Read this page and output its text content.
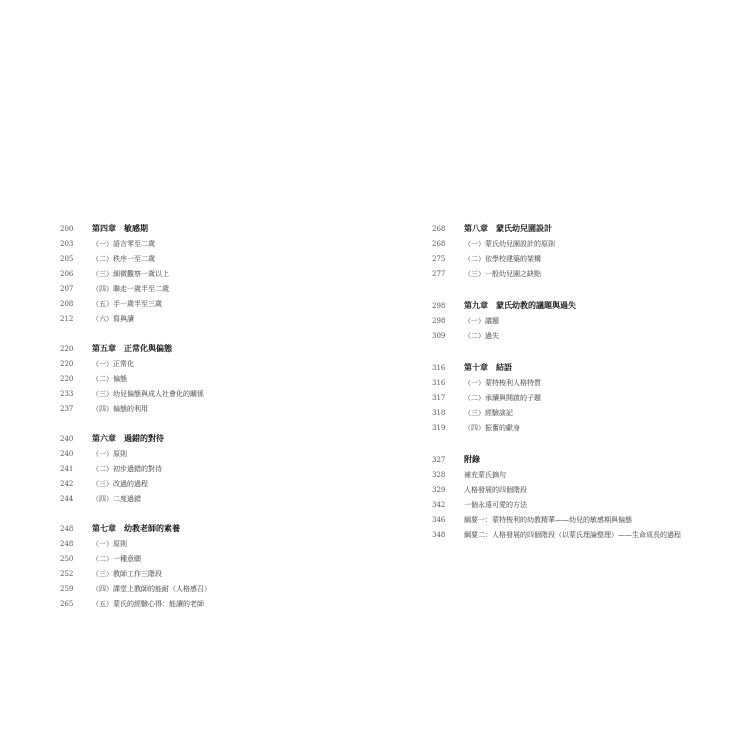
200	第四章　敏感期
203	（一）語言零至二歲
205	（二）秩序一至二歲
206	（三）細微觀察一歲以上
207	（四）聯走一歲半至二歲
208	（五）手一歲半至三歲
212	（六）寫與讀
220	第五章　正常化與偏態
220	（一）正常化
220	（二）偏態
233	（三）幼兒偏態與成人社會化的關係
237	（四）偏態的利用
240	第六章　過錯的對待
240	（一）原則
241	（二）初步過錯的對待
242	（三）改過的過程
244	（四）二度過錯
248	第七章　幼教老師的素養
248	（一）原則
250	（二）一種意願
252	（三）教師工作三階段
259	（四）課堂上教師的能耐（人格感召）
265	（五）蒙氏的經驗心得：能讓的老師
268	第八章　蒙氏幼兒園設計
268	（一）蒙氏幼兒園設計的原則
275	（二）依學校建築的架構
277	（三）一般幼兒園之缺點
298	第九章　蒙氏幼教的議題與過失
298	（一）議題
309	（二）過失
316	第十章　結語
316	（一）蒙特梭利人格特質
317	（二）承續與開啟的子題
318	（三）經驗談記
319	（四）振奮的獻身
327	附錄
328	補充蒙氏摘句
329	人格發展的四個階段
342	一個永遠可愛的方法
346	綱要一：蒙特梭利的幼教精華——幼兒的敏感期與偏態
348	綱要二：人格發展的四個階段（以蒙氏理論整理）——生命成長的過程
